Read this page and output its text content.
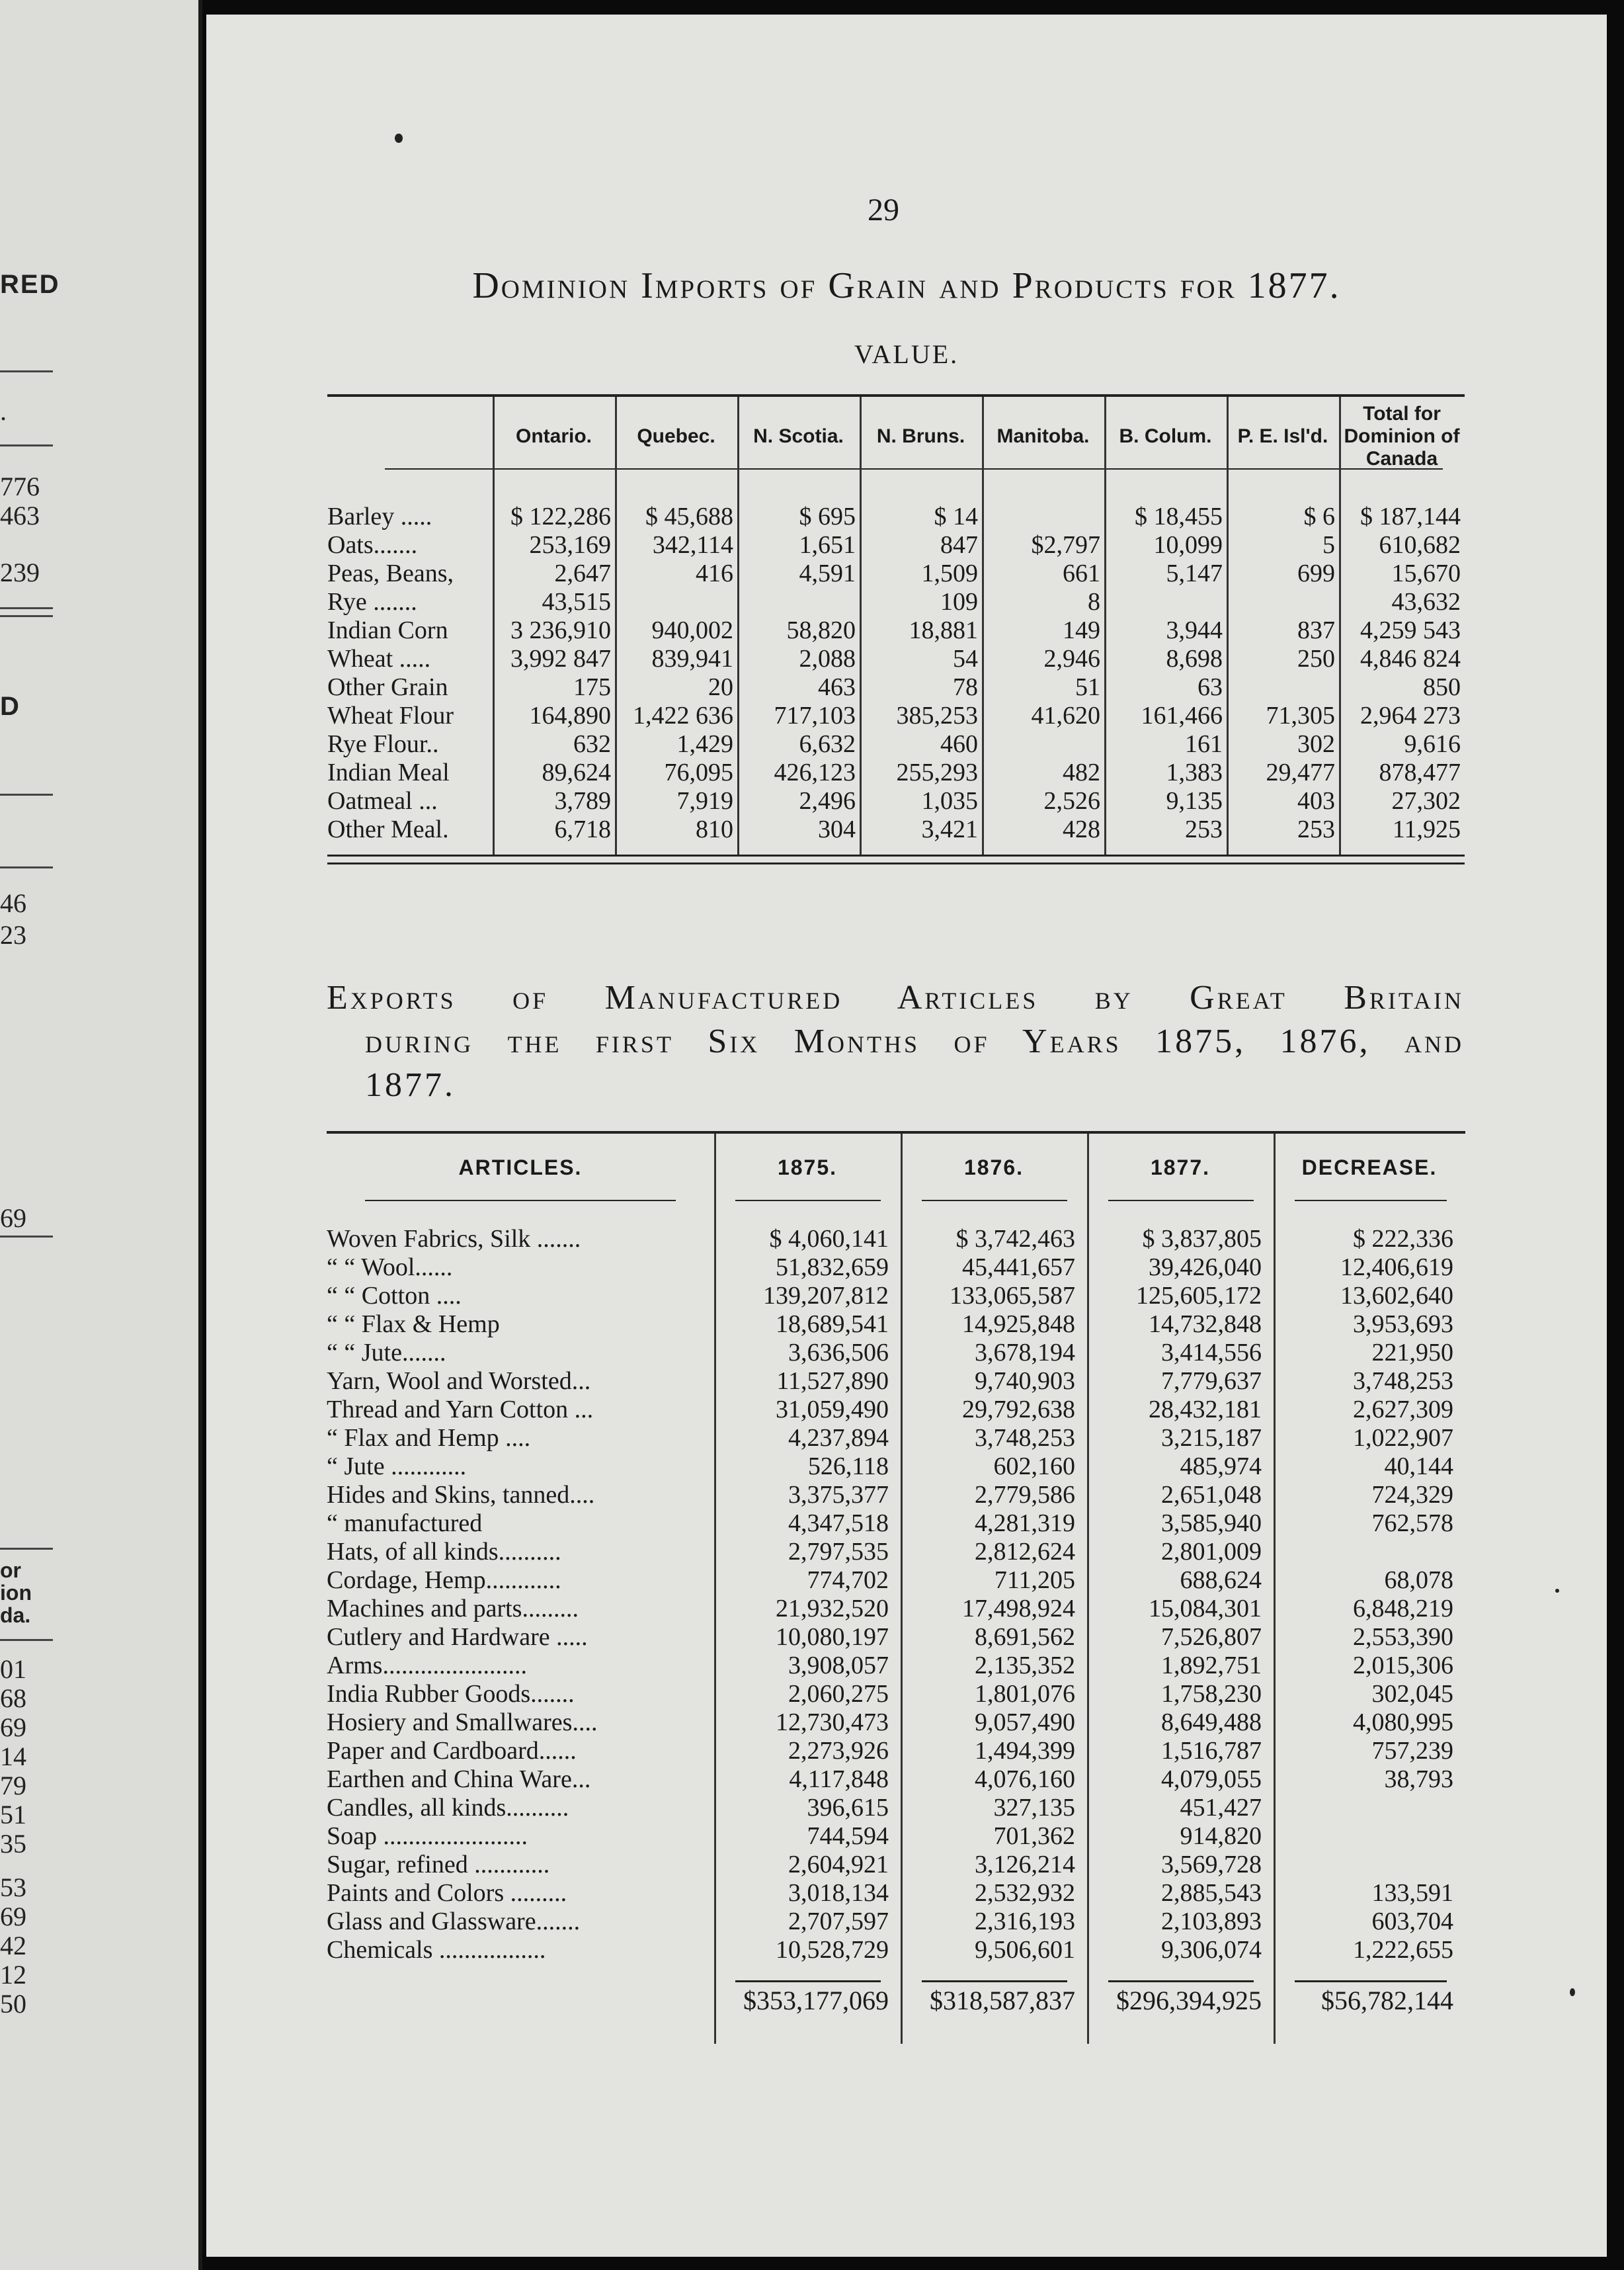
RED
.
776
463
239
D
46
23
69
or
ion
da.
01
68
69
14
79
51
35
53
69
42
12
50
29
Dominion Imports of Grain and Products for 1877.
VALUE.
	Ontario.	Quebec.	N. Scotia.	N. Bruns.	Manitoba.	B. Colum.	P. E. Isl'd.	Total for Dominion of Canada

Barley .....	$ 122,286	$ 45,688	$ 695	$ 14		$ 18,455	$ 6	$ 187,144
Oats.......	253,169	342,114	1,651	847	$2,797	10,099	5	610,682
Peas, Beans,	2,647	416	4,591	1,509	661	5,147	699	15,670
Rye .......	43,515			109	8			43,632
Indian Corn	3 236,910	940,002	58,820	18,881	149	3,944	837	4,259 543
Wheat .....	3,992 847	839,941	2,088	54	2,946	8,698	250	4,846 824
Other Grain	175	20	463	78	51	63		850
Wheat Flour	164,890	1,422 636	717,103	385,253	41,620	161,466	71,305	2,964 273
Rye Flour..	632	1,429	6,632	460		161	302	9,616
Indian Meal	89,624	76,095	426,123	255,293	482	1,383	29,477	878,477
Oatmeal ...	3,789	7,919	2,496	1,035	2,526	9,135	403	27,302
Other Meal.	6,718	810	304	3,421	428	253	253	11,925
Exports of Manufactured Articles by Great Britain
during the first Six Months of Years 1875, 1876, and
1877.
ARTICLES.	1875.	1876.	1877.	DECREASE.

Woven Fabrics, Silk .......	$ 4,060,141	$ 3,742,463	$ 3,837,805	$ 222,336
“ “ Wool......	51,832,659	45,441,657	39,426,040	12,406,619
“ “ Cotton ....	139,207,812	133,065,587	125,605,172	13,602,640
“ “ Flax & Hemp	18,689,541	14,925,848	14,732,848	3,953,693
“ “ Jute.......	3,636,506	3,678,194	3,414,556	221,950
Yarn, Wool and Worsted...	11,527,890	9,740,903	7,779,637	3,748,253
Thread and Yarn Cotton ...	31,059,490	29,792,638	28,432,181	2,627,309
“ Flax and Hemp ....	4,237,894	3,748,253	3,215,187	1,022,907
“ Jute ............	526,118	602,160	485,974	40,144
Hides and Skins, tanned....	3,375,377	2,779,586	2,651,048	724,329
“ manufactured	4,347,518	4,281,319	3,585,940	762,578
Hats, of all kinds..........	2,797,535	2,812,624	2,801,009	
Cordage, Hemp............	774,702	711,205	688,624	68,078
Machines and parts.........	21,932,520	17,498,924	15,084,301	6,848,219
Cutlery and Hardware .....	10,080,197	8,691,562	7,526,807	2,553,390
Arms.......................	3,908,057	2,135,352	1,892,751	2,015,306
India Rubber Goods.......	2,060,275	1,801,076	1,758,230	302,045
Hosiery and Smallwares....	12,730,473	9,057,490	8,649,488	4,080,995
Paper and Cardboard......	2,273,926	1,494,399	1,516,787	757,239
Earthen and China Ware...	4,117,848	4,076,160	4,079,055	38,793
Candles, all kinds..........	396,615	327,135	451,427	
Soap .......................	744,594	701,362	914,820	
Sugar, refined ............	2,604,921	3,126,214	3,569,728	
Paints and Colors .........	3,018,134	2,532,932	2,885,543	133,591
Glass and Glassware.......	2,707,597	2,316,193	2,103,893	603,704
Chemicals .................	10,528,729	9,506,601	9,306,074	1,222,655
	$353,177,069	$318,587,837	$296,394,925	$56,782,144
